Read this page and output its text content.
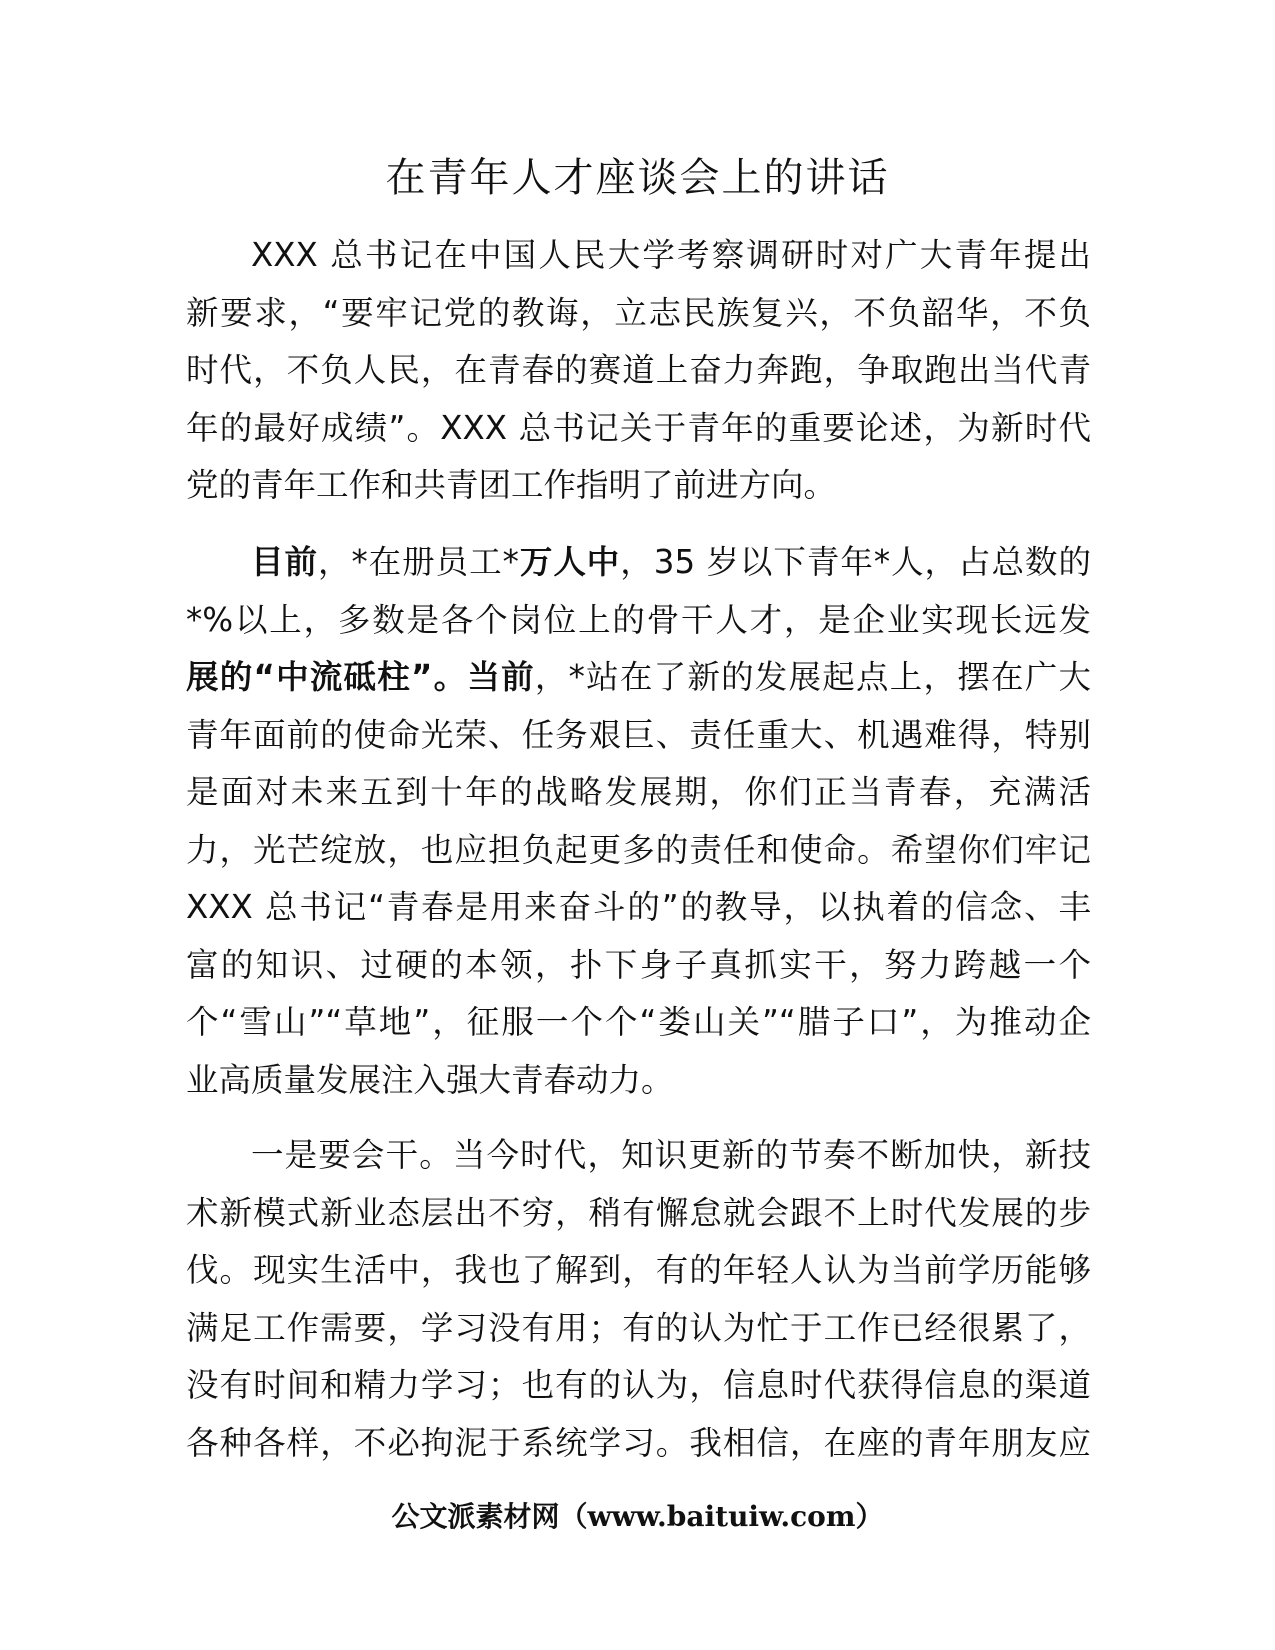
在青年人才座谈会上的讲话
XXX 总书记在中国人民大学考察调研时对广大青年提出
新要求，“要牢记党的教诲，立志民族复兴，不负韶华，不负
时代，不负人民，在青春的赛道上奋力奔跑，争取跑出当代青
年的最好成绩”。XXX 总书记关于青年的重要论述，为新时代
党的青年工作和共青团工作指明了前进方向。
目前，*在册员工*万人中，35 岁以下青年*人，占总数的
*%以上，多数是各个岗位上的骨干人才，是企业实现长远发
展的“中流砥柱”。当前，*站在了新的发展起点上，摆在广大
青年面前的使命光荣、任务艰巨、责任重大、机遇难得，特别
是面对未来五到十年的战略发展期，你们正当青春，充满活
力，光芒绽放，也应担负起更多的责任和使命。希望你们牢记
XXX 总书记“青春是用来奋斗的”的教导，以执着的信念、丰
富的知识、过硬的本领，扑下身子真抓实干，努力跨越一个
个“雪山”“草地”，征服一个个“娄山关”“腊子口”，为推动企
业高质量发展注入强大青春动力。
一是要会干。当今时代，知识更新的节奏不断加快，新技
术新模式新业态层出不穷，稍有懈怠就会跟不上时代发展的步
伐。现实生活中，我也了解到，有的年轻人认为当前学历能够
满足工作需要，学习没有用；有的认为忙于工作已经很累了，
没有时间和精力学习；也有的认为，信息时代获得信息的渠道
各种各样，不必拘泥于系统学习。我相信，在座的青年朋友应
公文派素材网（www.baituiw.com）
